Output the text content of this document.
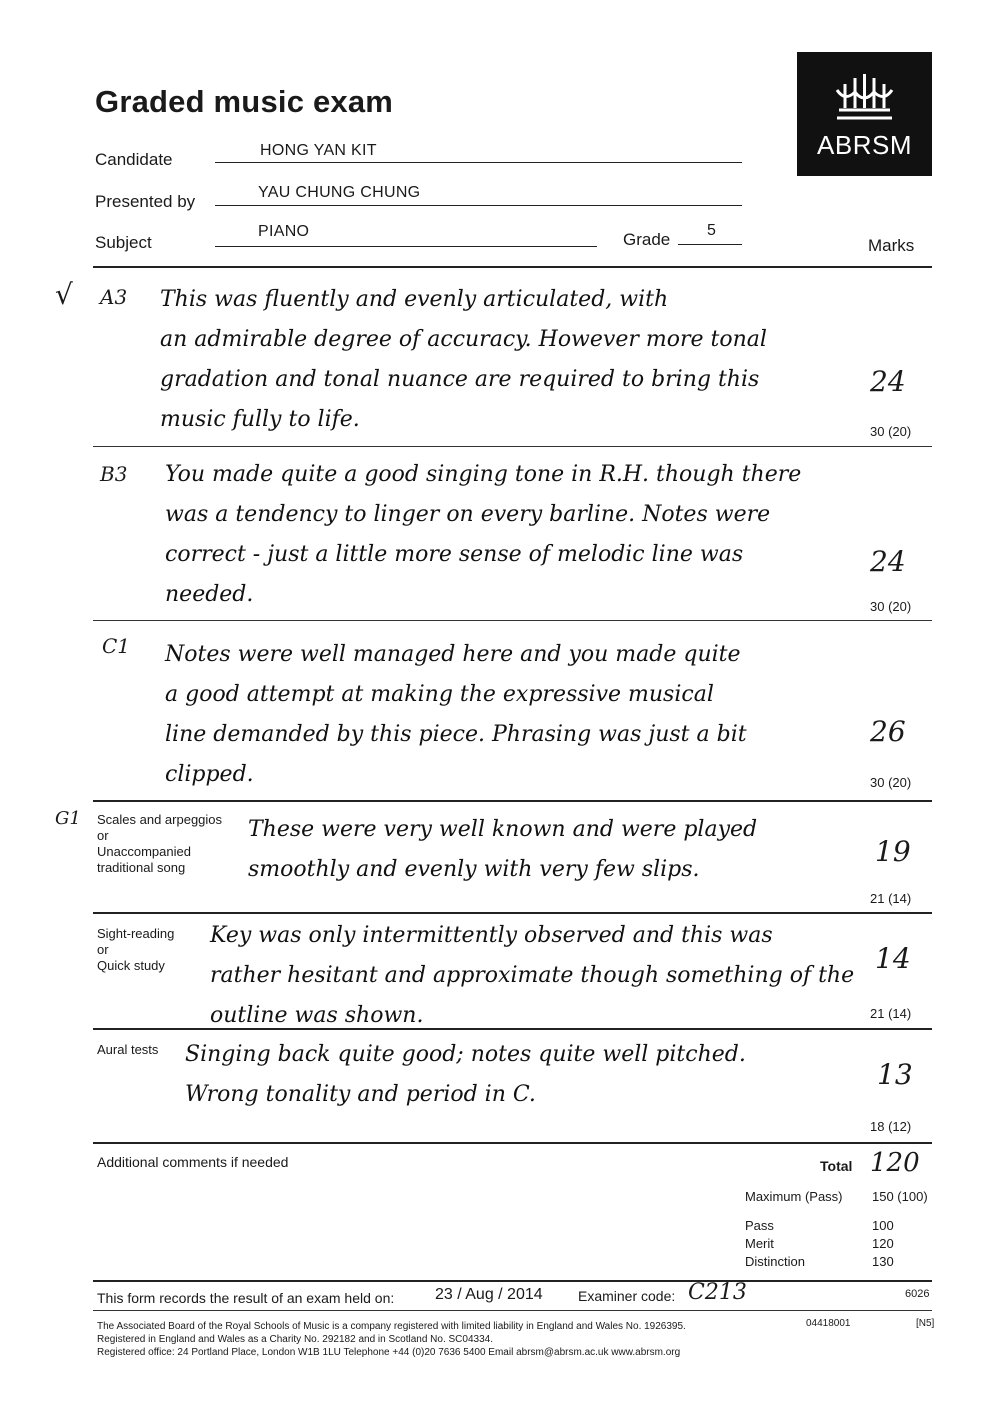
Graded music exam
ABRSM
Candidate	HONG YAN KIT
Presented by	YAU CHUNG CHUNG
Subject
PIANO	Grade 5
Marks
√ A3 This was fluently and evenly articulated, with
an admirable degree of accuracy. However more tonal
gradation and tonal nuance are required to bring this
music fully to life.
24
30 (20)
B3 You made quite a good singing tone in R.H. though there
was a tendency to linger on every barline. Notes were
correct - just a little more sense of melodic line was
needed.
24
30 (20)
C1 Notes were well managed here and you made quite
a good attempt at making the expressive musical
line demanded by this piece. Phrasing was just a bit
clipped.
26
30 (20)
G1 Scales and arpeggios
or
Unaccompanied
traditional song
These were very well known and were played
smoothly and evenly with very few slips.
19
21 (14)
Sight-reading
or
Quick study
Key was only intermittently observed and this was
rather hesitant and approximate though something of the
outline was shown.
14
21 (14)
Aural tests Singing back quite good; notes quite well pitched.
Wrong tonality and period in C.
13
18 (12)
Additional comments if needed	Total 120
Maximum (Pass) 150 (100)
Pass	100
Merit	120
Distinction	130
This form records the result of an exam held on:	23 / Aug / 2014	Examiner code: C213	6026
The Associated Board of the Royal Schools of Music is a company registered with limited liability in England and Wales No. 1926395.
Registered in England and Wales as a Charity No. 292182 and in Scotland No. SC04334.
Registered office: 24 Portland Place, London W1B 1LU Telephone +44 (0)20 7636 5400 Email abrsm@abrsm.ac.uk www.abrsm.org
04418001	[N5]
